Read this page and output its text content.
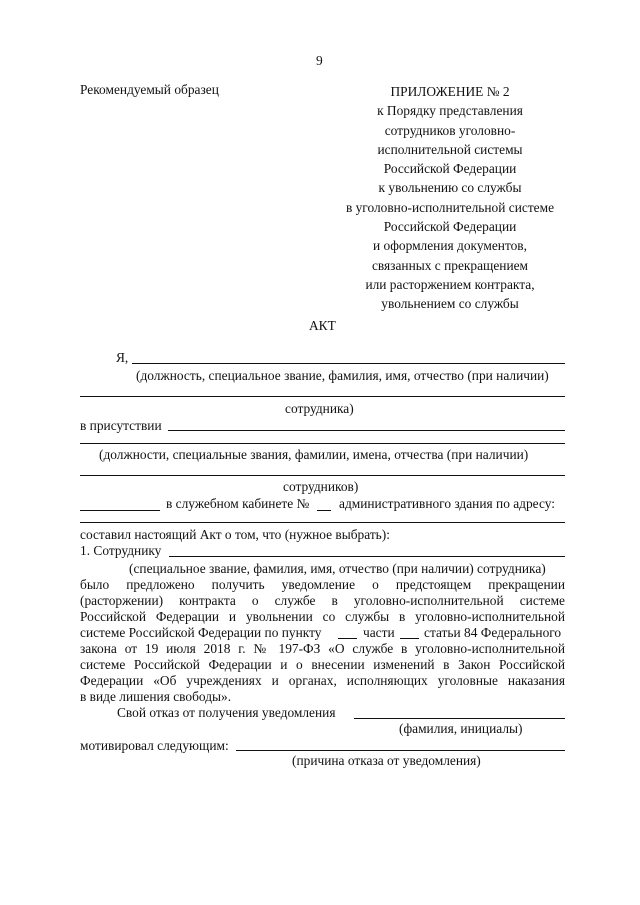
9
Рекомендуемый образец	ПРИЛОЖЕНИЕ № 2
к Порядку представления
сотрудников уголовно-
исполнительной системы
Российской Федерации
к увольнению со службы
в уголовно-исполнительной системе
Российской Федерации
и оформления документов,
связанных с прекращением
или расторжением контракта,
увольнением со службы
АКТ
Я,
(должность, специальное звание, фамилия, имя, отчество (при наличии)
сотрудника)
в присутствии
(должности, специальные звания, фамилии, имена, отчества (при наличии)
сотрудников)
в служебном кабинете № административного здания по адресу:
составил настоящий Акт о том, что (нужное выбрать):
1. Сотруднику
(специальное звание, фамилия, имя, отчество (при наличии) сотрудника)
было предложено получить уведомление о предстоящем прекращении
(расторжении) контракта о службе в уголовно-исполнительной системе
Российской Федерации и увольнении со службы в уголовно-исполнительной
системе Российской Федерации по пункту	части статьи 84 Федерального
закона от 19 июля 2018 г. № 197-ФЗ «О службе в уголовно-исполнительной
системе Российской Федерации и о внесении изменений в Закон Российской
Федерации «Об учреждениях и органах, исполняющих уголовные наказания
в виде лишения свободы».
Свой отказ от получения уведомления
(фамилия, инициалы)
мотивировал следующим:
(причина отказа от уведомления)
